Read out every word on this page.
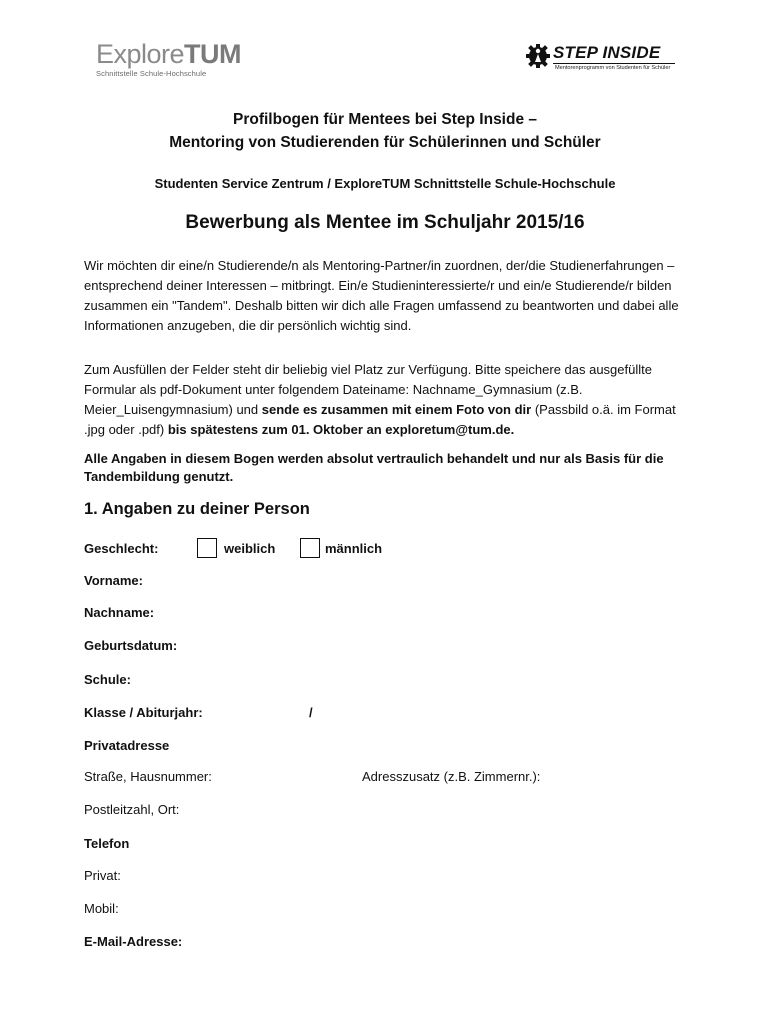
ExploreTUM
Schnittstelle Schule-Hochschule
STEP INSIDE
Mentorenprogramm von Studenten für Schüler
Profilbogen für Mentees bei Step Inside –
Mentoring von Studierenden für Schülerinnen und Schüler
Studenten Service Zentrum / ExploreTUM Schnittstelle Schule-Hochschule
Bewerbung als Mentee im Schuljahr 2015/16
Wir möchten dir eine/n Studierende/n als Mentoring-Partner/in zuordnen, der/die Studienerfahrungen – entsprechend deiner Interessen – mitbringt. Ein/e Studieninteressierte/r und ein/e Studierende/r bilden zusammen ein "Tandem". Deshalb bitten wir dich alle Fragen umfassend zu beantworten und dabei alle Informationen anzugeben, die dir persönlich wichtig sind.
Zum Ausfüllen der Felder steht dir beliebig viel Platz zur Verfügung. Bitte speichere das ausgefüllte Formular als pdf-Dokument unter folgendem Dateiname: Nachname_Gymnasium (z.B. Meier_Luisengymnasium) und sende es zusammen mit einem Foto von dir (Passbild o.ä. im Format .jpg oder .pdf) bis spätestens zum 01. Oktober an exploretum@tum.de.
Alle Angaben in diesem Bogen werden absolut vertraulich behandelt und nur als Basis für die Tandembildung genutzt.
1. Angaben zu deiner Person
Geschlecht:	weiblich	männlich
Vorname:
Nachname:
Geburtsdatum:
Schule:
Klasse / Abiturjahr:	/
Privatadresse
Straße, Hausnummer:	Adresszusatz (z.B. Zimmernr.):
Postleitzahl, Ort:
Telefon
Privat:
Mobil:
E-Mail-Adresse:
